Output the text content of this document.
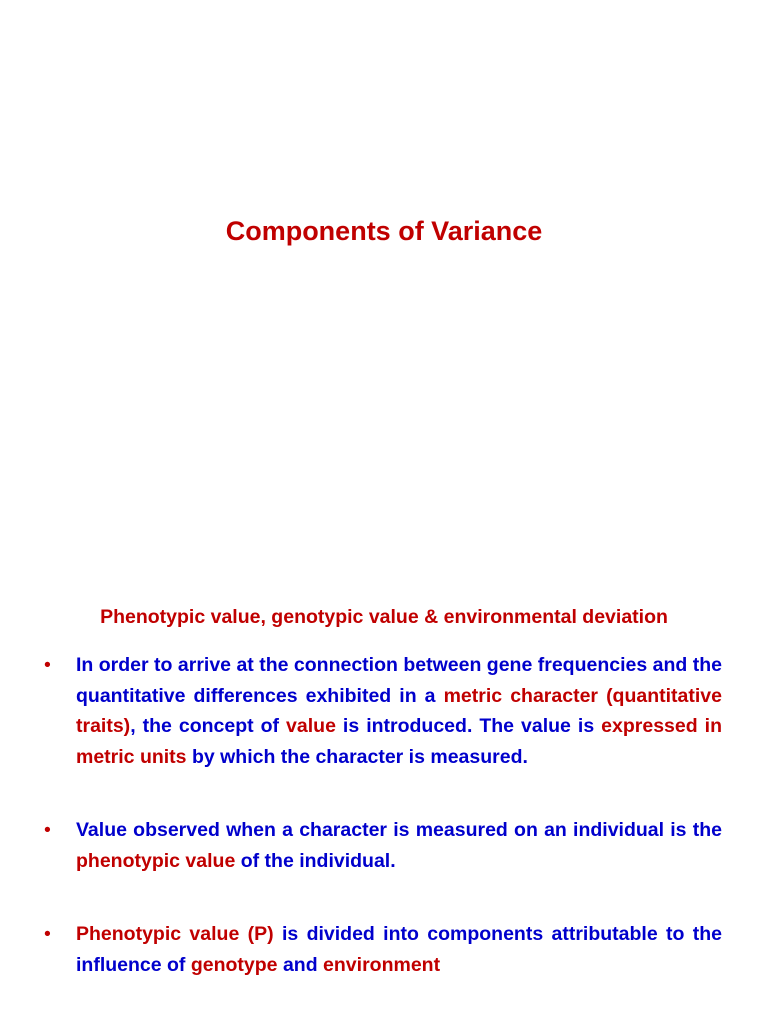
Components of Variance
Phenotypic value, genotypic value & environmental deviation
• In order to arrive at the connection between gene frequencies and the quantitative differences exhibited in a metric character (quantitative traits), the concept of value is introduced. The value is expressed in metric units by which the character is measured.
• Value observed when a character is measured on an individual is the phenotypic value of the individual.
• Phenotypic value (P) is divided into components attributable to the influence of genotype and environment
